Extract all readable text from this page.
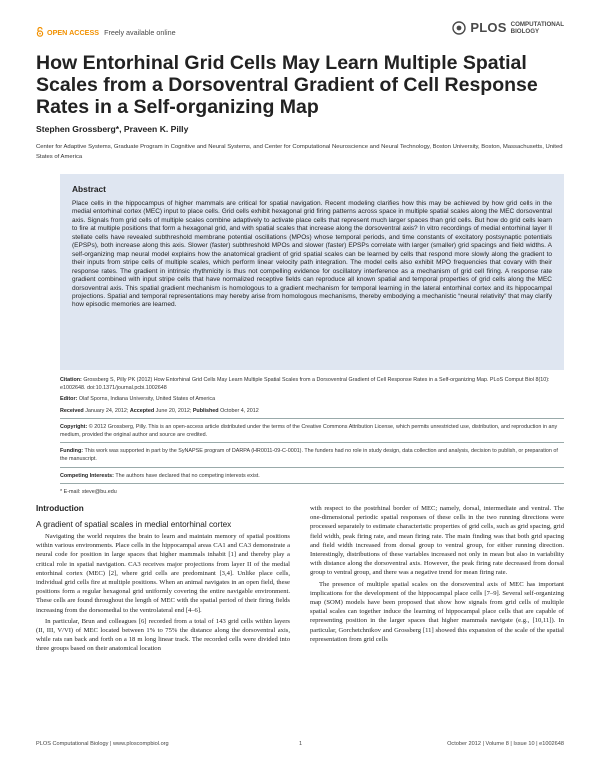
OPEN ACCESS Freely available online	PLOS COMPUTATIONAL
BIOLOGY
How Entorhinal Grid Cells May Learn Multiple Spatial Scales from a Dorsoventral Gradient of Cell Response Rates in a Self-organizing Map
Stephen Grossberg*, Praveen K. Pilly
Center for Adaptive Systems, Graduate Program in Cognitive and Neural Systems, and Center for Computational Neuroscience and Neural Technology, Boston University, Boston, Massachusetts, United States of America
Abstract

Place cells in the hippocampus of higher mammals are critical for spatial navigation. Recent modeling clarifies how this may be achieved by how grid cells in the medial entorhinal cortex (MEC) input to place cells. Grid cells exhibit hexagonal grid firing patterns across space in multiple spatial scales along the MEC dorsoventral axis. Signals from grid cells of multiple scales combine adaptively to activate place cells that represent much larger spaces than grid cells. But how do grid cells learn to fire at multiple positions that form a hexagonal grid, and with spatial scales that increase along the dorsoventral axis? In vitro recordings of medial entorhinal layer II stellate cells have revealed subthreshold membrane potential oscillations (MPOs) whose temporal periods, and time constants of excitatory postsynaptic potentials (EPSPs), both increase along this axis. Slower (faster) subthreshold MPOs and slower (faster) EPSPs correlate with larger (smaller) grid spacings and field widths. A self-organizing map neural model explains how the anatomical gradient of grid spatial scales can be learned by cells that respond more slowly along the gradient to their inputs from stripe cells of multiple scales, which perform linear velocity path integration. The model cells also exhibit MPO frequencies that covary with their response rates. The gradient in intrinsic rhythmicity is thus not compelling evidence for oscillatory interference as a mechanism of grid cell firing. A response rate gradient combined with input stripe cells that have normalized receptive fields can reproduce all known spatial and temporal properties of grid cells along the MEC dorsoventral axis. This spatial gradient mechanism is homologous to a gradient mechanism for temporal learning in the lateral entorhinal cortex and its hippocampal projections. Spatial and temporal representations may hereby arise from homologous mechanisms, thereby embodying a mechanistic “neural relativity” that may clarify how episodic memories are learned.

Citation: Grossberg S, Pilly PK (2012) How Entorhinal Grid Cells May Learn Multiple Spatial Scales from a Dorsoventral Gradient of Cell Response Rates in a Self-organizing Map. PLoS Comput Biol 8(10): e1002648. doi:10.1371/journal.pcbi.1002648
Editor: Olaf Sporns, Indiana University, United States of America
Received January 24, 2012; Accepted June 20, 2012; Published October 4, 2012
Copyright: © 2012 Grossberg, Pilly. This is an open-access article distributed under the terms of the Creative Commons Attribution License, which permits unrestricted use, distribution, and reproduction in any medium, provided the original author and source are credited.
Funding: This work was supported in part by the SyNAPSE program of DARPA (HR0011-09-C-0001). The funders had no role in study design, data collection and analysis, decision to publish, or preparation of the manuscript.
Competing Interests: The authors have declared that no competing interests exist.
* E-mail: steve@bu.edu
Introduction
A gradient of spatial scales in medial entorhinal cortex

Navigating the world requires the brain to learn and maintain memory of spatial positions within various environments. Place cells in the hippocampal areas CA1 and CA3 demonstrate a neural code for position in large spaces that higher mammals inhabit [1] and thereby play a critical role in spatial navigation. CA3 receives major projections from layer II of the medial entorhinal cortex (MEC) [2], where grid cells are predominant [3,4]. Unlike place cells, individual grid cells fire at multiple positions. When an animal navigates in an open field, these positions form a regular hexagonal grid uniformly covering the entire navigable environment. These cells are found throughout the length of MEC with the spatial period of their firing fields increasing from the dorsomedial to the ventrolateral end [4–6].

In particular, Brun and colleagues [6] recorded from a total of 143 grid cells within layers (II, III, V/VI) of MEC located between 1% to 75% the distance along the dorsoventral axis, while rats ran back and forth on a 18 m long linear track. The recorded cells were divided into three groups based on their anatomical location

with respect to the postrhinal border of MEC; namely, dorsal, intermediate and ventral. The one-dimensional periodic spatial responses of these cells in the two running directions were processed separately to estimate characteristic properties of grid cells, such as grid spacing, grid field width, peak firing rate, and mean firing rate. The main finding was that both grid spacing and field width increased from dorsal group to ventral group, for either running direction. Interestingly, distributions of these variables increased not only in mean but also in variability with distance along the dorsoventral axis. However, the peak firing rate decreased from dorsal group to ventral group, and there was a negative trend for mean firing rate.

The presence of multiple spatial scales on the dorsoventral axis of MEC has important implications for the development of the hippocampal place cells [7–9]. Several self-organizing map (SOM) models have been proposed that show how signals from grid cells of multiple spatial scales can together induce the learning of hippocampal place cells that are capable of representing position in the larger spaces that higher mammals navigate (e.g., [10,11]). In particular, Gorchetchnikov and Grossberg [11] showed this expansion of the scale of the spatial representation from grid cells

PLOS Computational Biology | www.ploscompbiol.org	1	October 2012 | Volume 8 | Issue 10 | e1002648
